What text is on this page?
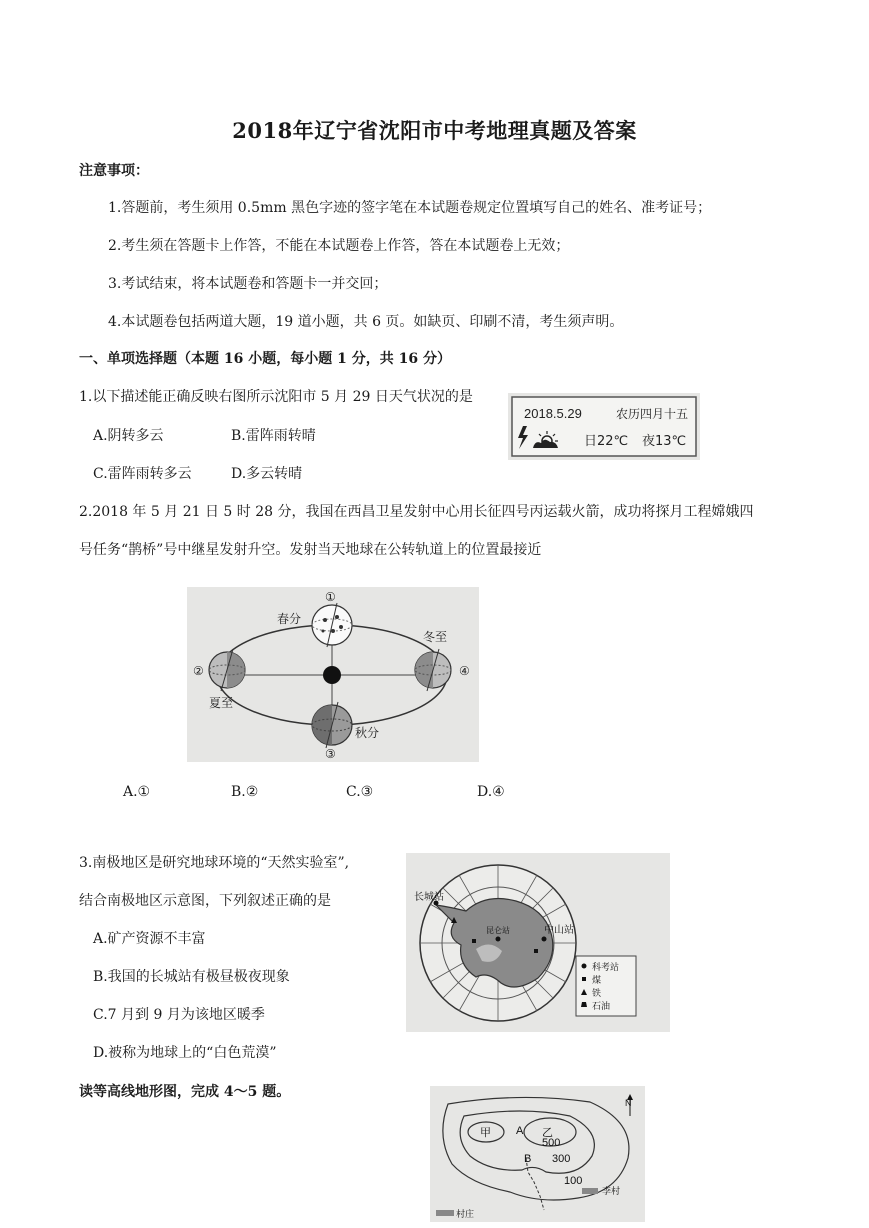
2018年辽宁省沈阳市中考地理真题及答案
注意事项：
1.答题前，考生须用 0.5mm 黑色字迹的签字笔在本试题卷规定位置填写自己的姓名、准考证号；
2.考生须在答题卡上作答，不能在本试题卷上作答，答在本试题卷上无效；
3.考试结束，将本试题卷和答题卡一并交回；
4.本试题卷包括两道大题，19 道小题，共 6 页。如缺页、印刷不清，考生须声明。
一、单项选择题（本题 16 小题，每小题 1 分，共 16 分）
1.以下描述能正确反映右图所示沈阳市 5 月 29 日天气状况的是
A.阴转多云	B.雷阵雨转晴
C.雷阵雨转多云	D.多云转晴
2018.5.29	农历四月十五
日22℃ 夜13℃
2.2018 年 5 月 21 日 5 时 28 分，我国在西昌卫星发射中心用长征四号丙运载火箭，成功将探月工程嫦娥四
号任务“鹊桥”号中继星发射升空。发射当天地球在公转轨道上的位置最接近
春分
冬至
夏至
秋分
①
②
③
④
A.①	B.②	C.③	D.④
3.南极地区是研究地球环境的“天然实验室”,
结合南极地区示意图，下列叙述正确的是
A.矿产资源不丰富
B.我国的长城站有极昼极夜现象
C.7 月到 9 月为该地区暖季
D.被称为地球上的“白色荒漠”
长城站
中山站
昆仑站
科考站
煤
铁
石油
读等高线地形图，完成 4～5 题。
甲	乙
A
B
500
300
100
N
李村
村庄
